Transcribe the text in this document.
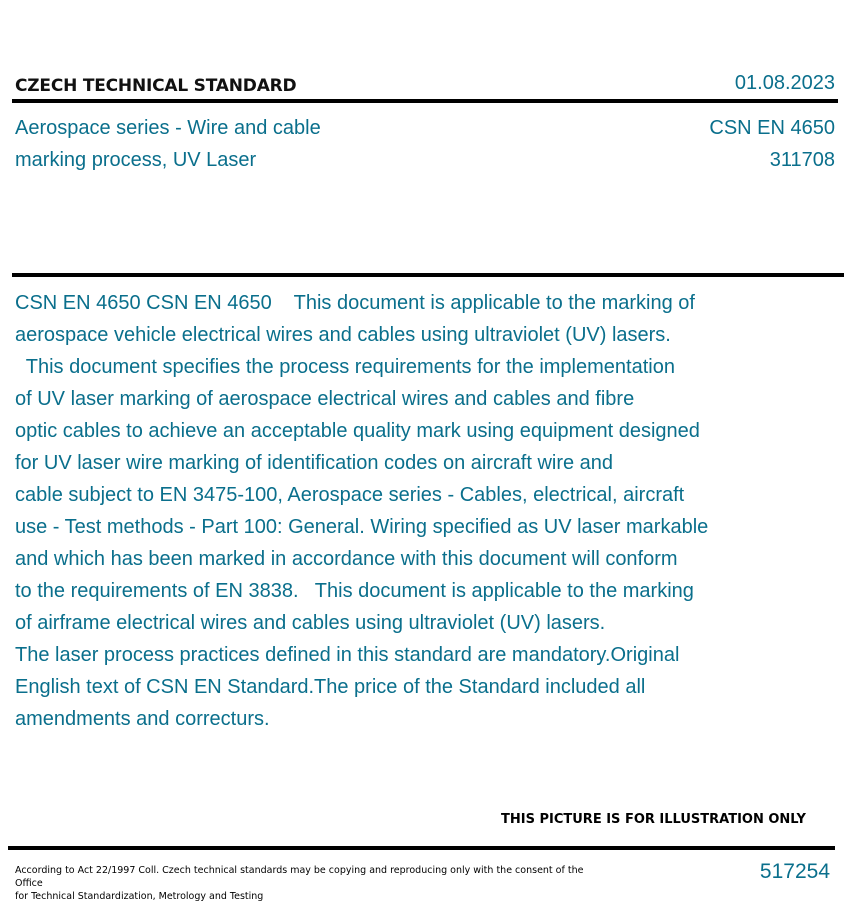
CZECH TECHNICAL STANDARD	01.08.2023
Aerospace series - Wire and cable
marking process, UV Laser
CSN EN 4650
311708
CSN EN 4650 CSN EN 4650    This document is applicable to the marking of
aerospace vehicle electrical wires and cables using ultraviolet (UV) lasers.
This document specifies the process requirements for the implementation
of UV laser marking of aerospace electrical wires and cables and fibre
optic cables to achieve an acceptable quality mark using equipment designed
for UV laser wire marking of identification codes on aircraft wire and
cable subject to EN 3475-100, Aerospace series - Cables, electrical, aircraft
use - Test methods - Part 100: General. Wiring specified as UV laser markable
and which has been marked in accordance with this document will conform
to the requirements of EN 3838.   This document is applicable to the marking
of airframe electrical wires and cables using ultraviolet (UV) lasers.
The laser process practices defined in this standard are mandatory.Original
English text of CSN EN Standard.The price of the Standard included all
amendments and correcturs.
THIS PICTURE IS FOR ILLUSTRATION ONLY
According to Act 22/1997 Coll. Czech technical standards may be copying and reproducing only with the consent of the Office
for Technical Standardization, Metrology and Testing
517254
